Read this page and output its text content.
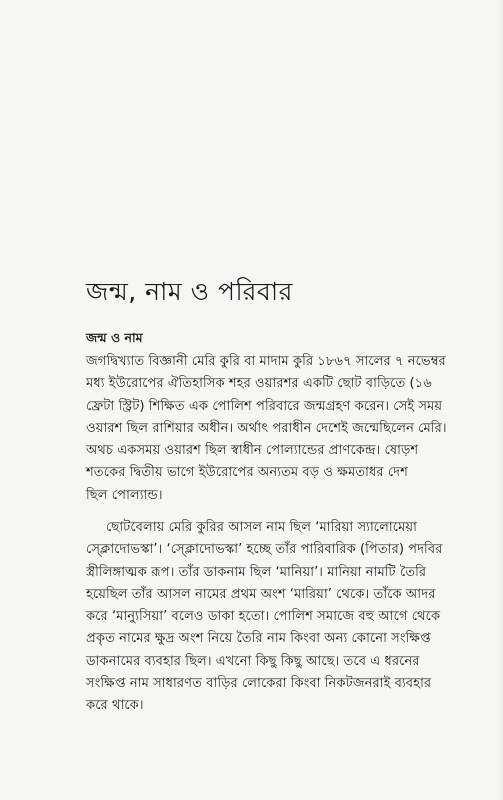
জন্ম, নাম ও পরিবার
জন্ম ও নাম
জগদ্বিখ্যাত বিজ্ঞানী মেরি কুরি বা মাদাম কুরি ১৮৬৭ সালের ৭ নভেম্বর
মধ্য ইউরোপের ঐতিহাসিক শহর ওয়ারশর একটি ছোট বাড়িতে (১৬
ফ্রেটা স্ট্রিট) শিক্ষিত এক পোলিশ পরিবারে জন্মগ্রহণ করেন। সেই সময়
ওয়ারশ ছিল রাশিয়ার অধীন। অর্থাৎ পরাধীন দেশেই জন্মেছিলেন মেরি।
অথচ একসময় ওয়ারশ ছিল স্বাধীন পোল্যান্ডের প্রাণকেন্দ্র। ষোড়শ
শতকের দ্বিতীয় ভাগে ইউরোপের অন্যতম বড় ও ক্ষমতাধর দেশ
ছিল পোল্যান্ড।
ছোটবেলায় মেরি কুরির আসল নাম ছিল ‘মারিয়া স্যালোমেয়া
স্ক্লোদোভস্কা’। ‘স্ক্লোদোভস্কা’ হচ্ছে তাঁর পারিবারিক (পিতার) পদবির
স্ত্রীলিঙ্গাত্মক রূপ। তাঁর ডাকনাম ছিল ‘মানিয়া’। মানিয়া নামটি তৈরি
হয়েছিল তাঁর আসল নামের প্রথম অংশ ‘মারিয়া’ থেকে। তাঁকে আদর
করে ‘মান্যুসিয়া’ বলেও ডাকা হতো। পোলিশ সমাজে বহু আগে থেকে
প্রকৃত নামের ক্ষুদ্র অংশ নিয়ে তৈরি নাম কিংবা অন্য কোনো সংক্ষিপ্ত
ডাকনামের ব্যবহার ছিল। এখনো কিছু কিছু আছে। তবে এ ধরনের
সংক্ষিপ্ত নাম সাধারণত বাড়ির লোকেরা কিংবা নিকটজনরাই ব্যবহার
করে থাকে।
